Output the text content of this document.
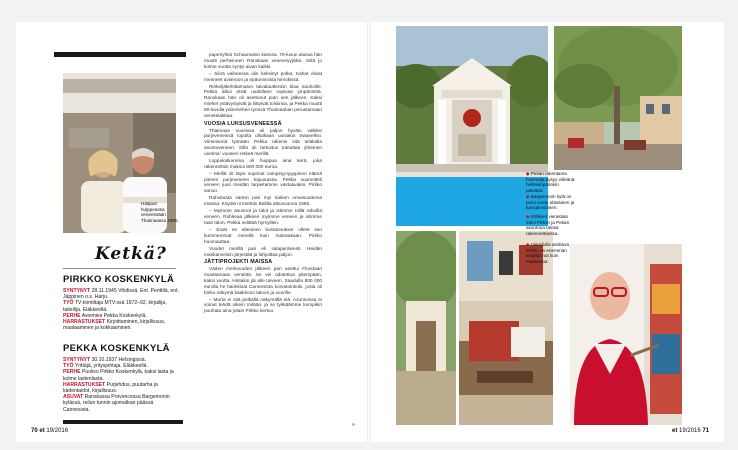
Hääpari hulppeassa veneessään Thaimaassa 1995.
Ketkä?
PIRKKO KOSKENKYLÄ
SYNTYNYT 28.11.1945 Vihdissä. Ent. Penttilä, ent. Jäppinen o.s. Harju.
TYÖ TV-toimittaja MTV:ssä 1972–92, kirjailija, taiteilija. Eläkkeellä.
PERHE Aviomies Pekka Koskenkylä.
HARRASTUKSET Kirjoittaminen, kirjallisuus, maalaaminen ja kokkaaminen.
PEKKA KOSKENKYLÄ
SYNTYNYT 30.10.1937 Helsingissä.
TYÖ Yrittäjä, yritysjohtaja. Eläkkeellä.
PERHE Puoliso Pirkko Koskenkylä, kaksi lasta ja kolme lastenlasta.
HARRASTUKSET Purjehdus, puutarha ja kädentaidot, kirjallisuus.
ASUVAT Ranskassa Provencessa Bargemonin kylässä, reilun tunnin ajomatkan päässä Cannesista.
70 et 19/2016

puperiyhtiö Schaumanin kanssa. 70-luvun alussa hän muutti perheineen Ranskaan veneenyyjäksi. Siitä jo kolme vuotta syntyi aivan kaikki.

– Siinä vaiheessa olin keksinyt polka. Kahat olivat menneet aviieroon ja epäonnisista himokissä.

Rinkeljäkehittamaton taivalauttenkin tilaa nauhoille. Pekka alkoi etsiä uudelleen sopivaa ympäristöä. Ranskaan hän oli asettunut pian sen jälkeen. Kaksi miehet ystävystyivät ja liittyivät toisiinsa, ja Pekka muutti 80-luvulla ydinmiehen työnsä Thaimaahan perustamaan venetelakkaa.

VUOSIA LUKSUSVENEESSÄ

Thaimaan vuosissa oli paljon hyvää, valkkei purjeveneissä lopulta ollutkaan uusiakoi Swanelksi. Viimeisenä työnään Pekka rakensi sitä telakalla asuntoveneen. Sillä oli tarkoitus toteuttaa yhteinen unelma: vuosien retkeä merillä.

Loppukulkureina oli huippua aina kerä, joka rakennettiin maksoi 800 000 euroa.

– Meillä oli täysi sopimat camping-tyyppinen elämä pienen purjeveneen kajuutassa. Pekka suunnitteli veneen juuri meidän tarpeitamme vastaavaksi, Pirkko sanoo.

Rahoitusta varten pari myi kaiken omaisuutensa maissa. Köyden irrotettiin Balilta alkuvuonna 1996.

– Myimme asunnot ja talot ja istimme niillä rahoilla veneen. Rohkeaa jälkeen myimme veneen ja istimme taas talon, Pekka selittää hymyillen.

– Eivät ne elämisen kustannukset olleet sen kummemmat merellä kuin maissakaan, Pirkko huomauttaa.

Vuodet merillä pari eli salaperäisesti. Heidän marikanvesiin järjestää ja lahjoittaa paljon.

JÄTTIPROJEKTI MAISSA

Väden meritvuoden jälkeen pari asettui Floridaan muuttamaan veneittä. Se vei odotettua pitempään, kaksi vuotta. Hintakin jäi alle toiveen. Saadulla 500 000 eurolla he hankkivat Cannesista korvatoinkoki, josta oli biirko näkymä kaakkoon taloon ja vuorille.

– Murta ei sitä pelkällä näkymällä elä. Asunnossa ei voinut tehdä oikein mitään, ja se tykkäämme kumpikin puuhata aina jotain Pirkko kertoo.

»
◆ Pekan rakentama huvimaja pysyy viileänä helteisinpäänkin päivänä.
◆ Bargemonin kylä on pieni mutta eläväinen ja kansainvälinen.
◆ Erillinen vierastalo toimi Pirkon ja Pekan asuntona talosa rakennettaessa.
◆ Vierailulla aloittava Pirkko on enemmän kirjailija nut kuin maalannut.
et 19/2016 71
